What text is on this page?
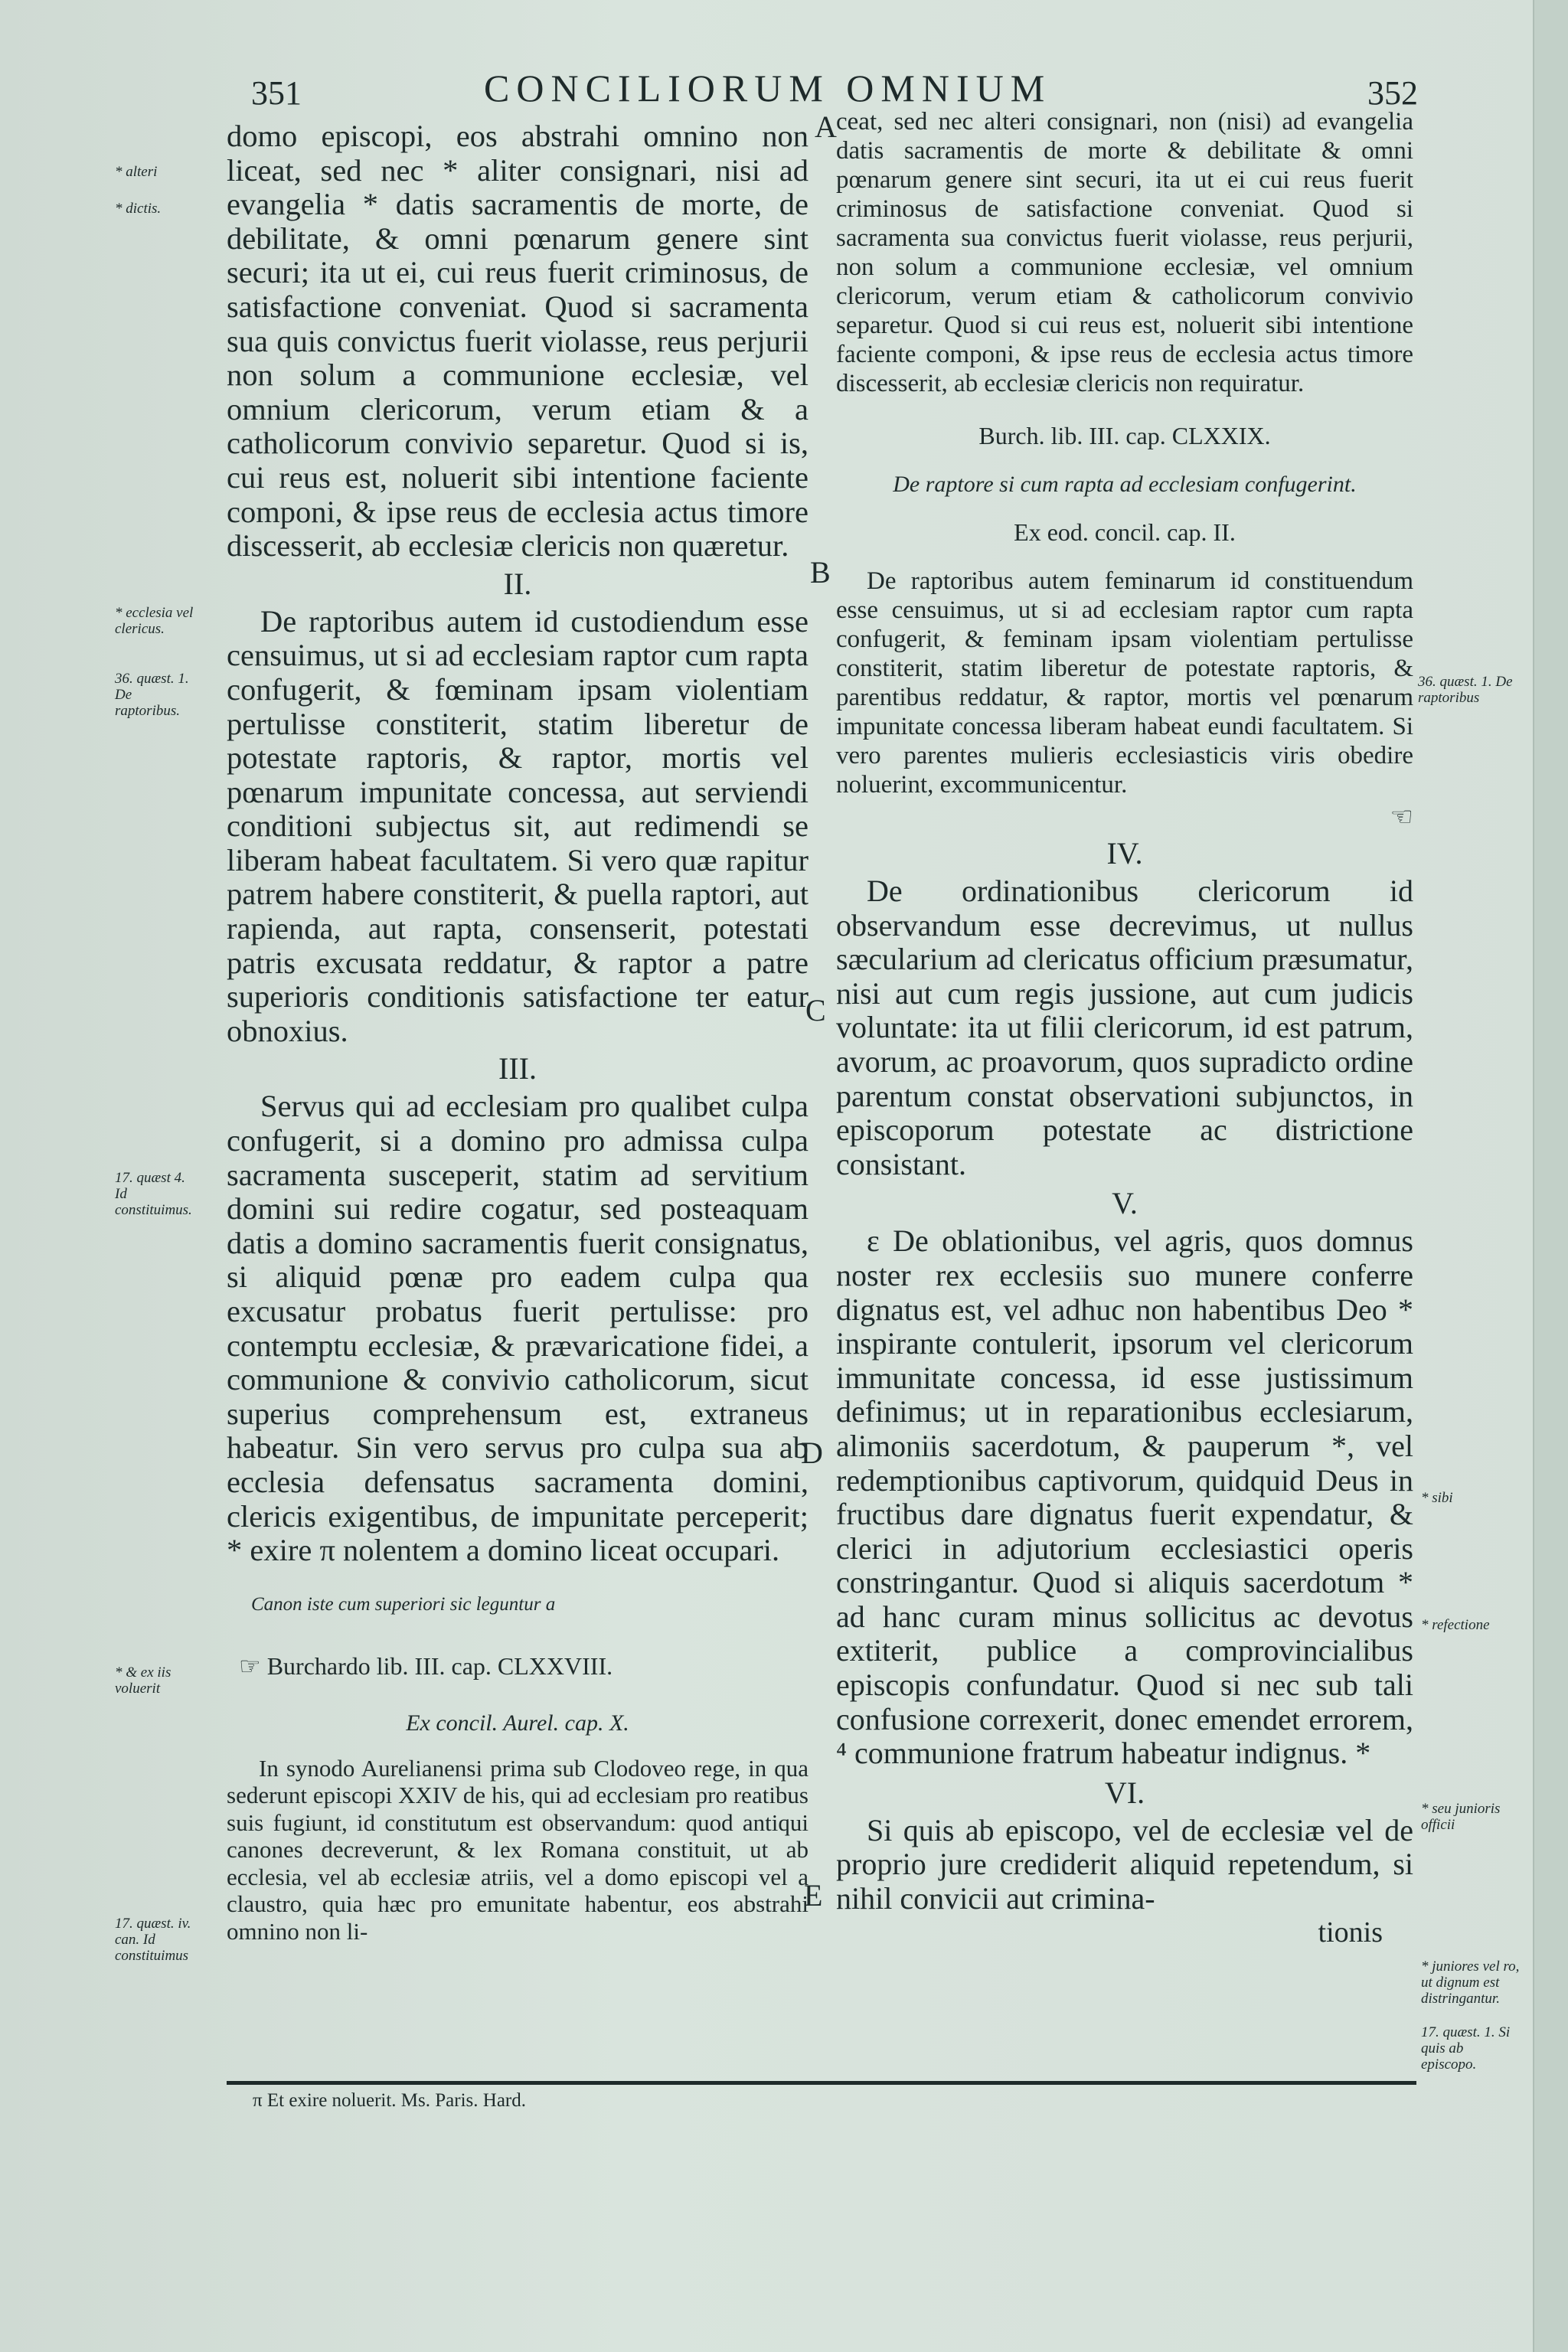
351	CONCILIORUM OMNIUM	352

domo episcopi, eos abstrahi omnino non liceat, sed nec * aliter consignari, nisi ad evangelia * datis sacramentis de morte, de debilitate, & omni pœnarum genere sint securi; ita ut ei, cui reus fuerit criminosus, de satisfactione conveniat. Quod si sacramenta sua quis convictus fuerit violasse, reus perjurii non solum a communione ecclesiæ, vel omnium clericorum, verum etiam & a catholicorum convivio separetur. Quod si is, cui reus est, noluerit sibi intentione faciente componi, & ipse reus de ecclesia actus timore discesserit, ab ecclesiæ clericis non quæretur.

II.

De raptoribus autem id custodiendum esse censuimus, ut si ad ecclesiam raptor cum rapta confugerit, & fœminam ipsam violentiam pertulisse constiterit, statim liberetur de potestate raptoris, & raptor, mortis vel pœnarum impunitate concessa, aut serviendi conditioni subjectus sit, aut redimendi se liberam habeat facultatem. Si vero quæ rapitur patrem habere constiterit, & puella raptori, aut rapienda, aut rapta, consenserit, potestati patris excusata reddatur, & raptor a patre superioris conditionis satisfactione ter eatur obnoxius.

III.

Servus qui ad ecclesiam pro qualibet culpa confugerit, si a domino pro admissa culpa sacramenta susceperit, statim ad servitium domini sui redire cogatur, sed posteaquam datis a domino sacramentis fuerit consignatus, si aliquid pœnæ pro eadem culpa qua excusatur probatus fuerit pertulisse: pro contemptu ecclesiæ, & prævaricatione fidei, a communione & convivio catholicorum, sicut superius comprehensum est, extraneus habeatur. Sin vero servus pro culpa sua ab ecclesia defensatus sacramenta domini, clericis exigentibus, de impunitate perceperit; * exire π nolentem a domino liceat occupari.

Canon iste cum superiori sic leguntur a
☞ Burchardo lib. III. cap. CLXXVIII.
Ex concil. Aurel. cap. X.

In synodo Aurelianensi prima sub Clodoveo rege, in qua sederunt episcopi XXIV de his, qui ad ecclesiam pro reatibus suis fugiunt, id constitutum est observandum: quod antiqui canones decreverunt, & lex Romana constituit, ut ab ecclesia, vel ab ecclesiæ atriis, vel a domo episcopi vel a claustro, quia hæc pro emunitate habentur, eos abstrahi omnino non li-

ceat, sed nec alteri consignari, non (nisi) ad evangelia datis sacramentis de morte & debilitate & omni pœnarum genere sint securi, ita ut ei cui reus fuerit criminosus de satisfactione conveniat. Quod si sacramenta sua convictus fuerit violasse, reus perjurii, non solum a communione ecclesiæ, vel omnium clericorum, verum etiam & catholicorum convivio separetur. Quod si cui reus est, noluerit sibi intentione faciente componi, & ipse reus de ecclesia actus timore discesserit, ab ecclesiæ clericis non requiratur.

Burch. lib. III. cap. CLXXIX.
De raptore si cum rapta ad ecclesiam confugerint.
Ex eod. concil. cap. II.

De raptoribus autem feminarum id constituendum esse censuimus, ut si ad ecclesiam raptor cum rapta confugerit, & feminam ipsam violentiam pertulisse constiterit, statim liberetur de potestate raptoris, & parentibus reddatur, & raptor, mortis vel pœnarum impunitate concessa liberam habeat eundi facultatem. Si vero parentes mulieris ecclesiasticis viris obedire noluerint, excommunicentur.

☜
IV.

De ordinationibus clericorum id observandum esse decrevimus, ut nullus sæcularium ad clericatus officium præsumatur, nisi aut cum regis jussione, aut cum judicis voluntate: ita ut filii clericorum, id est patrum, avorum, ac proavorum, quos supradicto ordine parentum constat observationi subjunctos, in episcoporum potestate ac districtione consistant.

V.

ɛ De oblationibus, vel agris, quos domnus noster rex ecclesiis suo munere conferre dignatus est, vel adhuc non habentibus Deo * inspirante contulerit, ipsorum vel clericorum immunitate concessa, id esse justissimum definimus; ut in reparationibus ecclesiarum, alimoniis sacerdotum, & pauperum *, vel redemptionibus captivorum, quidquid Deus in fructibus dare dignatus fuerit expendatur, & clerici in adjutorium ecclesiastici operis constringantur. Quod si aliquis sacerdotum * ad hanc curam minus sollicitus ac devotus extiterit, publice a comprovincialibus episcopis confundatur. Quod si nec sub tali confusione correxerit, donec emendet errorem, ⁴ communione fratrum habeatur indignus. *

VI.

Si quis ab episcopo, vel de ecclesiæ vel de proprio jure crediderit aliquid repetendum, si nihil convicii aut crimina-

tionis
* alteri
* dictis.
* ecclesia vel clericus.
36. quæst. 1. De raptoribus.
17. quæst 4. Id constituimus.
* & ex iis voluerit
17. quæst. iv. can. Id constituimus
36. quæst. 1. De raptoribus
* sibi
* refectione
* seu junioris officii
* juniores vel ro, ut dignum est distringantur.
17. quæst. 1. Si quis ab episcopo.
A
B
C
D
E
π Et exire noluerit. Ms. Paris. Hard.
